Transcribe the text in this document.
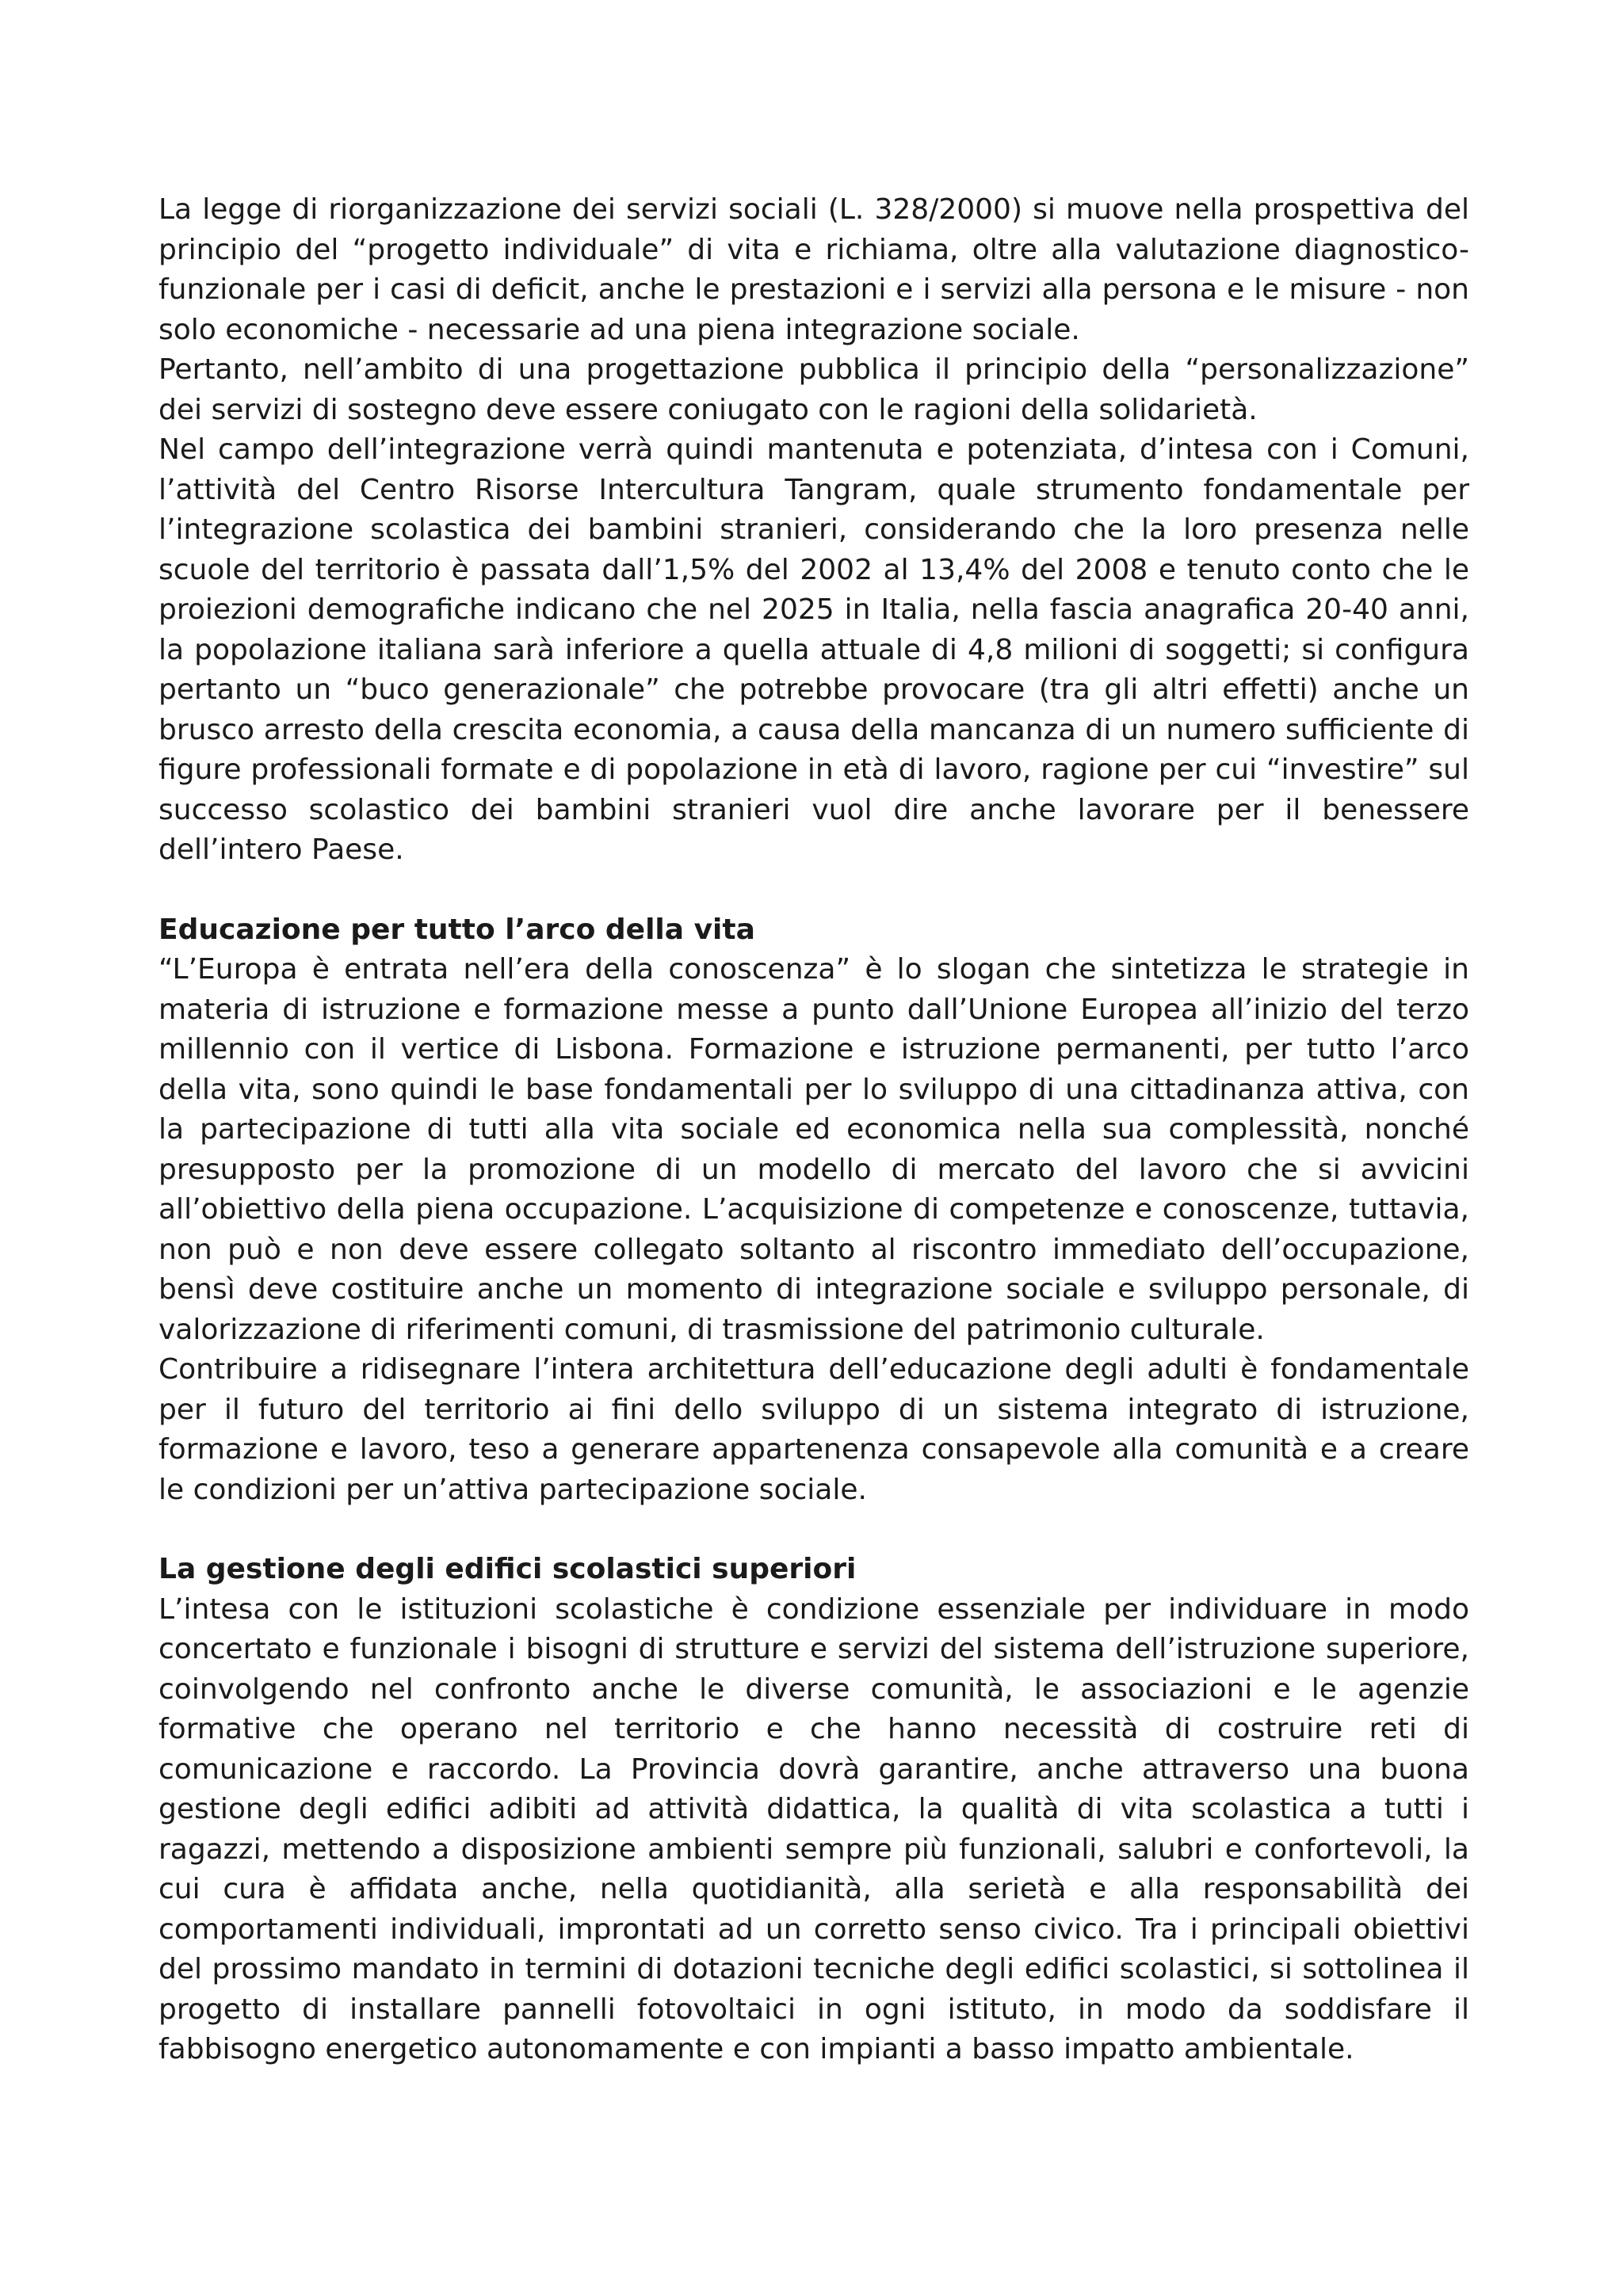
La legge di riorganizzazione dei servizi sociali (L. 328/2000) si muove nella prospettiva del principio del “progetto individuale” di vita e richiama, oltre alla valutazione diagnostico-funzionale per i casi di deficit, anche le prestazioni e i servizi alla persona e le misure - non solo economiche - necessarie ad una piena integrazione sociale.

Pertanto, nell’ambito di una progettazione pubblica il principio della “personalizzazione” dei servizi di sostegno deve essere coniugato con le ragioni della solidarietà.

Nel campo dell’integrazione verrà quindi mantenuta e potenziata, d’intesa con i Comuni, l’attività del Centro Risorse Intercultura Tangram, quale strumento fondamentale per l’integrazione scolastica dei bambini stranieri, considerando che la loro presenza nelle scuole del territorio è passata dall’1,5% del 2002 al 13,4% del 2008 e tenuto conto che le proiezioni demografiche indicano che nel 2025 in Italia, nella fascia anagrafica 20-40 anni, la popolazione italiana sarà inferiore a quella attuale di 4,8 milioni di soggetti; si configura pertanto un “buco generazionale” che potrebbe provocare (tra gli altri effetti) anche un brusco arresto della crescita economia, a causa della mancanza di un numero sufficiente di figure professionali formate e di popolazione in età di lavoro, ragione per cui “investire” sul successo scolastico dei bambini stranieri vuol dire anche lavorare per il benessere dell’intero Paese.

Educazione per tutto l’arco della vita

“L’Europa è entrata nell’era della conoscenza” è lo slogan che sintetizza le strategie in materia di istruzione e formazione messe a punto dall’Unione Europea all’inizio del terzo millennio con il vertice di Lisbona. Formazione e istruzione permanenti, per tutto l’arco della vita, sono quindi le base fondamentali per lo sviluppo di una cittadinanza attiva, con la partecipazione di tutti alla vita sociale ed economica nella sua complessità, nonché presupposto per la promozione di un modello di mercato del lavoro che si avvicini all’obiettivo della piena occupazione. L’acquisizione di competenze e conoscenze, tuttavia, non può e non deve essere collegato soltanto al riscontro immediato dell’occupazione, bensì deve costituire anche un momento di integrazione sociale e sviluppo personale, di valorizzazione di riferimenti comuni, di trasmissione del patrimonio culturale.

Contribuire a ridisegnare l’intera architettura dell’educazione degli adulti è fondamentale per il futuro del territorio ai fini dello sviluppo di un sistema integrato di istruzione, formazione e lavoro, teso a generare appartenenza consapevole alla comunità e a creare le condizioni per un’attiva partecipazione sociale.

La gestione degli edifici scolastici superiori

L’intesa con le istituzioni scolastiche è condizione essenziale per individuare in modo concertato e funzionale i bisogni di strutture e servizi del sistema dell’istruzione superiore, coinvolgendo nel confronto anche le diverse comunità, le associazioni e le agenzie formative che operano nel territorio e che hanno necessità di costruire reti di comunicazione e raccordo. La Provincia dovrà garantire, anche attraverso una buona gestione degli edifici adibiti ad attività didattica, la qualità di vita scolastica a tutti i ragazzi, mettendo a disposizione ambienti sempre più funzionali, salubri e confortevoli, la cui cura è affidata anche, nella quotidianità, alla serietà e alla responsabilità dei comportamenti individuali, improntati ad un corretto senso civico. Tra i principali obiettivi del prossimo mandato in termini di dotazioni tecniche degli edifici scolastici, si sottolinea il progetto di installare pannelli fotovoltaici in ogni istituto, in modo da soddisfare il fabbisogno energetico autonomamente e con impianti a basso impatto ambientale.
